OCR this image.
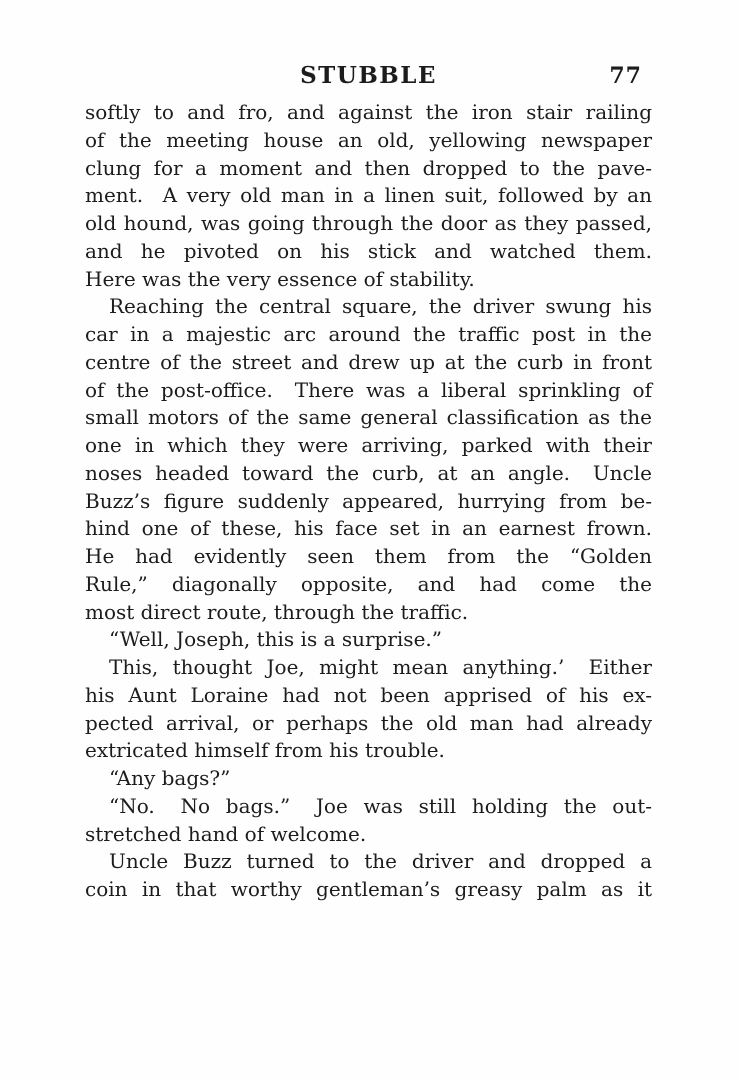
STUBBLE	77
softly to and fro, and against the iron stair railing
of the meeting house an old, yellowing newspaper
clung for a moment and then dropped to the pave-
ment.  A very old man in a linen suit, followed by an
old hound, was going through the door as they passed,
and he pivoted on his stick and watched them.
Here was the very essence of stability.
Reaching the central square, the driver swung his
car in a majestic arc around the traffic post in the
centre of the street and drew up at the curb in front
of the post-office.  There was a liberal sprinkling of
small motors of the same general classification as the
one in which they were arriving, parked with their
noses headed toward the curb, at an angle.  Uncle
Buzz’s figure suddenly appeared, hurrying from be-
hind one of these, his face set in an earnest frown.
He had evidently seen them from the “Golden
Rule,” diagonally opposite, and had come the
most direct route, through the traffic.
“Well, Joseph, this is a surprise.”
This, thought Joe, might mean anything.’  Either
his Aunt Loraine had not been apprised of his ex-
pected arrival, or perhaps the old man had already
extricated himself from his trouble.
“Any bags?”
“No.  No bags.”  Joe was still holding the out-
stretched hand of welcome.
Uncle Buzz turned to the driver and dropped a
coin in that worthy gentleman’s greasy palm as it
